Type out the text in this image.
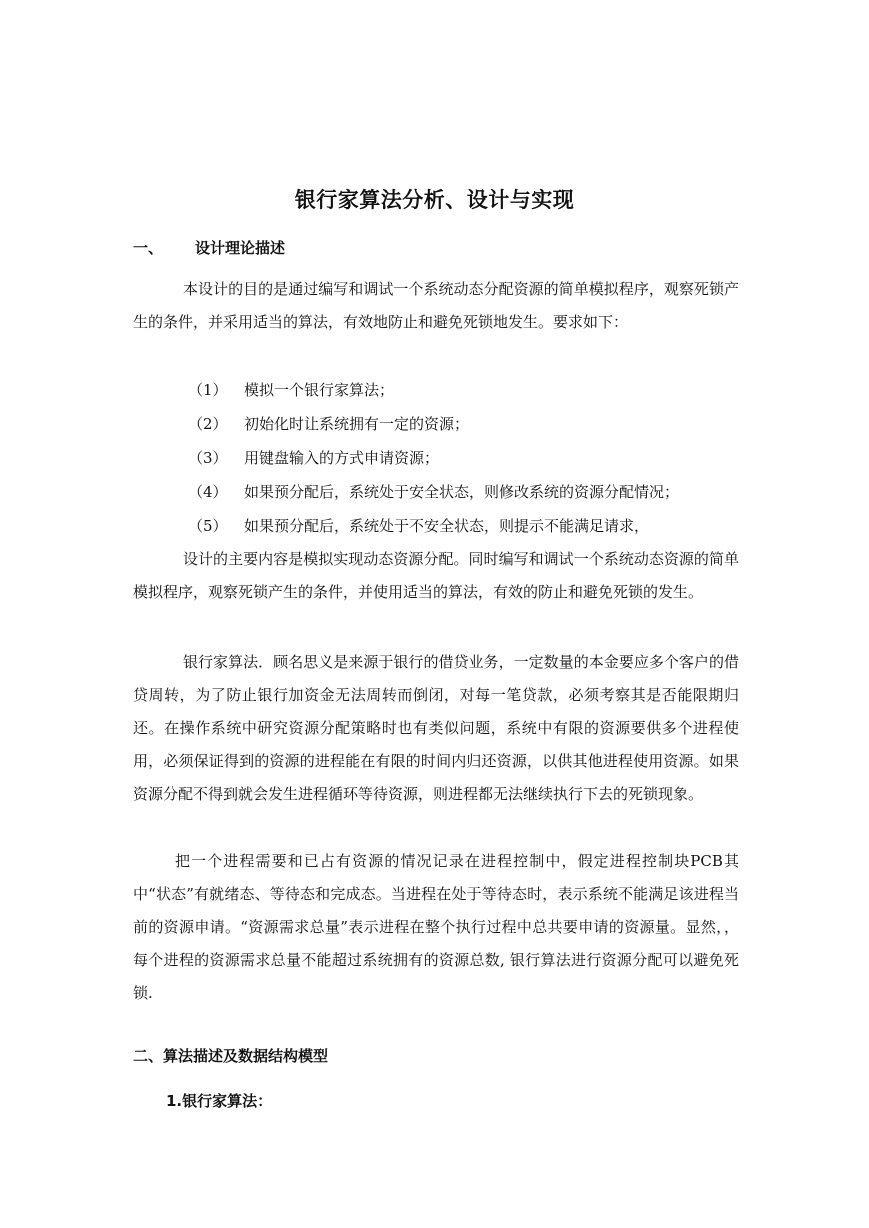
银行家算法分析、设计与实现
一、 设计理论描述

本设计的目的是通过编写和调试一个系统动态分配资源的简单模拟程序，观察死锁产生的条件，并采用适当的算法，有效地防止和避免死锁地发生。要求如下：

（1） 模拟一个银行家算法；
（2） 初始化时让系统拥有一定的资源；
（3） 用键盘输入的方式申请资源；
（4） 如果预分配后，系统处于安全状态，则修改系统的资源分配情况；
（5） 如果预分配后，系统处于不安全状态，则提示不能满足请求，

设计的主要内容是模拟实现动态资源分配。同时编写和调试一个系统动态资源的简单模拟程序，观察死锁产生的条件，并使用适当的算法，有效的防止和避免死锁的发生。

银行家算法．顾名思义是来源于银行的借贷业务，一定数量的本金要应多个客户的借贷周转，为了防止银行加资金无法周转而倒闭，对每一笔贷款，必须考察其是否能限期归还。在操作系统中研究资源分配策略时也有类似问题，系统中有限的资源要供多个进程使用，必须保证得到的资源的进程能在有限的时间内归还资源，以供其他进程使用资源。如果资源分配不得到就会发生进程循环等待资源，则进程都无法继续执行下去的死锁现象。

把一个进程需要和已占有资源的情况记录在进程控制中，假定进程控制块PCB其中“状态”有就绪态、等待态和完成态。当进程在处于等待态时，表示系统不能满足该进程当前的资源申请。“资源需求总量”表示进程在整个执行过程中总共要申请的资源量。显然，，每个进程的资源需求总量不能超过系统拥有的资源总数, 银行算法进行资源分配可以避免死锁.

二、算法描述及数据结构模型
1.银行家算法：
